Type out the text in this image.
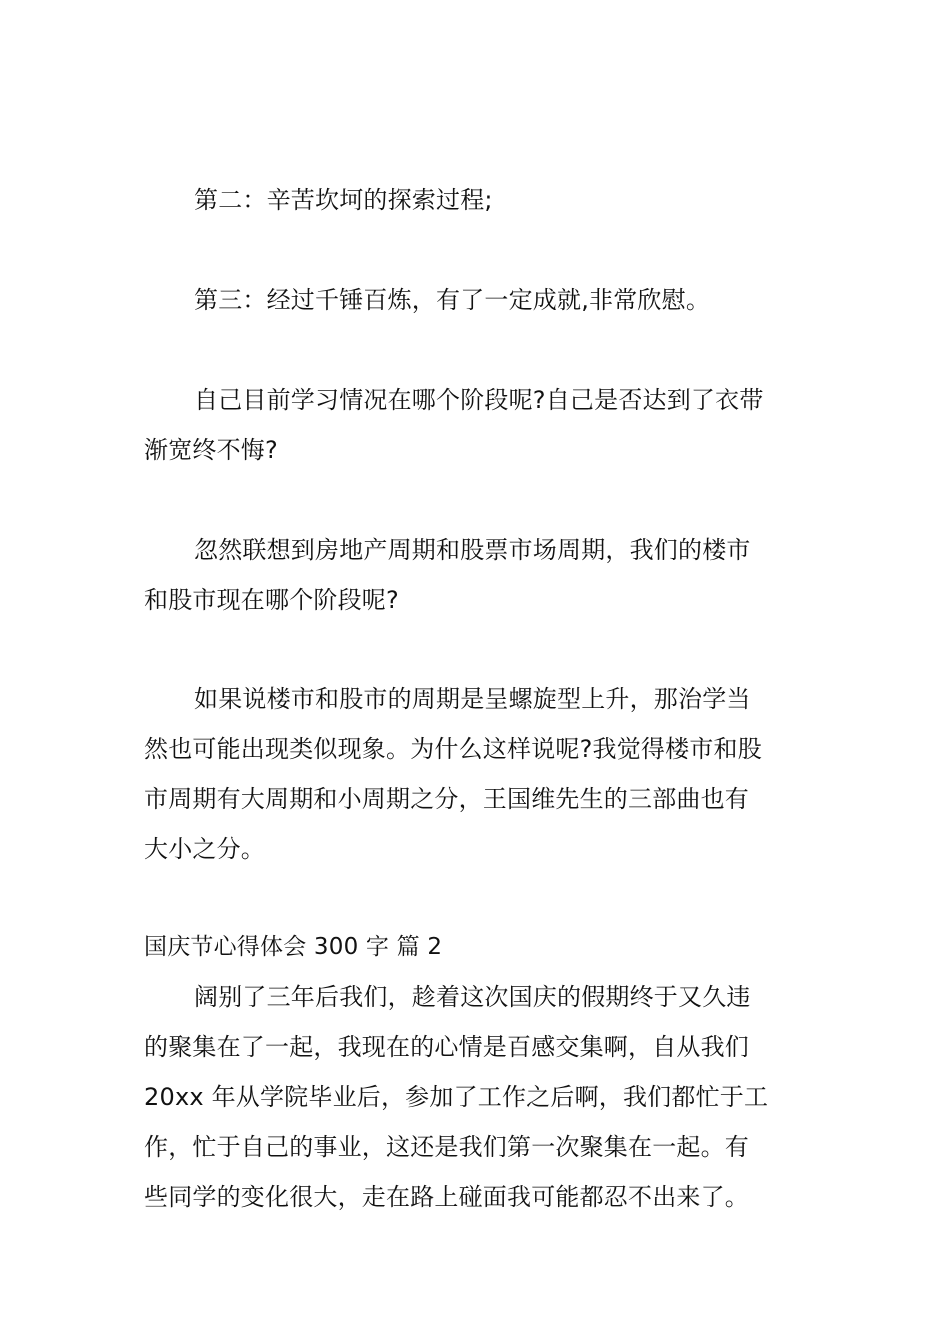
第二：辛苦坎坷的探索过程;
第三：经过千锤百炼，有了一定成就,非常欣慰。
自己目前学习情况在哪个阶段呢?自己是否达到了衣带
渐宽终不悔?
忽然联想到房地产周期和股票市场周期，我们的楼市
和股市现在哪个阶段呢?
如果说楼市和股市的周期是呈螺旋型上升，那治学当
然也可能出现类似现象。为什么这样说呢?我觉得楼市和股
市周期有大周期和小周期之分，王国维先生的三部曲也有
大小之分。
国庆节心得体会 300 字 篇 2
阔别了三年后我们，趁着这次国庆的假期终于又久违
的聚集在了一起，我现在的心情是百感交集啊，自从我们
20xx 年从学院毕业后，参加了工作之后啊，我们都忙于工
作，忙于自己的事业，这还是我们第一次聚集在一起。有
些同学的变化很大，走在路上碰面我可能都忍不出来了。
